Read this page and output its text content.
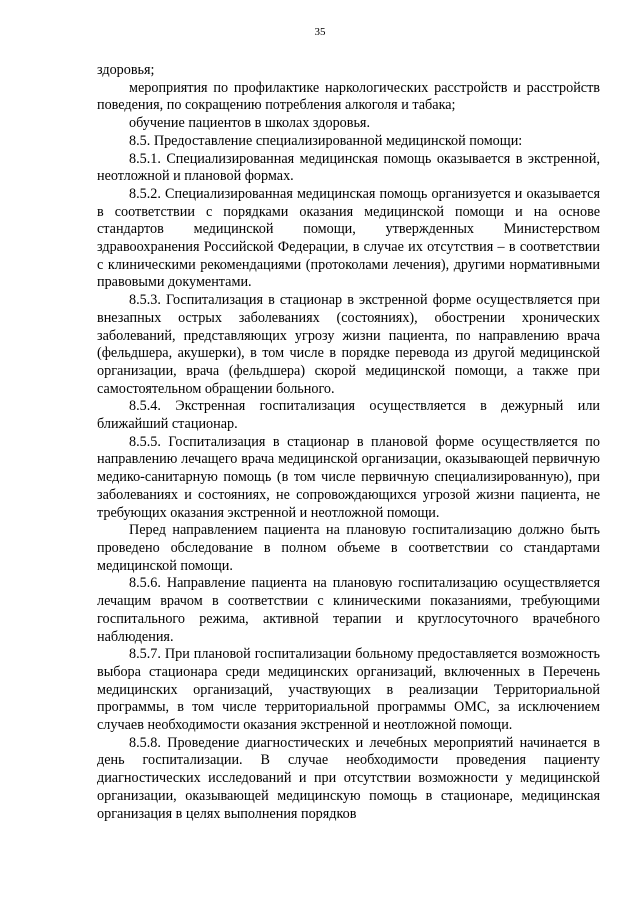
35

здоровья;

мероприятия по профилактике наркологических расстройств и расстройств поведения, по сокращению потребления алкоголя и табака;

обучение пациентов в школах здоровья.

8.5. Предоставление специализированной медицинской помощи:

8.5.1. Специализированная медицинская помощь оказывается в экстренной, неотложной и плановой формах.

8.5.2. Специализированная медицинская помощь организуется и оказывается в соответствии с порядками оказания медицинской помощи и на основе стандартов медицинской помощи, утвержденных Министерством здравоохранения Российской Федерации, в случае их отсутствия – в соответствии с клиническими рекомендациями (протоколами лечения), другими нормативными правовыми документами.

8.5.3. Госпитализация в стационар в экстренной форме осуществляется при внезапных острых заболеваниях (состояниях), обострении хронических заболеваний, представляющих угрозу жизни пациента, по направлению врача (фельдшера, акушерки), в том числе в порядке перевода из другой медицинской организации, врача (фельдшера) скорой медицинской помощи, а также при самостоятельном обращении больного.

8.5.4. Экстренная госпитализация осуществляется в дежурный или ближайший стационар.

8.5.5. Госпитализация в стационар в плановой форме осуществляется по направлению лечащего врача медицинской организации, оказывающей первичную медико-санитарную помощь (в том числе первичную специализированную), при заболеваниях и состояниях, не сопровождающихся угрозой жизни пациента, не требующих оказания экстренной и неотложной помощи.

Перед направлением пациента на плановую госпитализацию должно быть проведено обследование в полном объеме в соответствии со стандартами медицинской помощи.

8.5.6. Направление пациента на плановую госпитализацию осуществляется лечащим врачом в соответствии с клиническими показаниями, требующими госпитального режима, активной терапии и круглосуточного врачебного наблюдения.

8.5.7. При плановой госпитализации больному предоставляется возможность выбора стационара среди медицинских организаций, включенных в Перечень медицинских организаций, участвующих в реализации Территориальной программы, в том числе территориальной программы ОМС, за исключением случаев необходимости оказания экстренной и неотложной помощи.

8.5.8. Проведение диагностических и лечебных мероприятий начинается в день госпитализации. В случае необходимости проведения пациенту диагностических исследований и при отсутствии возможности у медицинской организации, оказывающей медицинскую помощь в стационаре, медицинская организация в целях выполнения порядков
